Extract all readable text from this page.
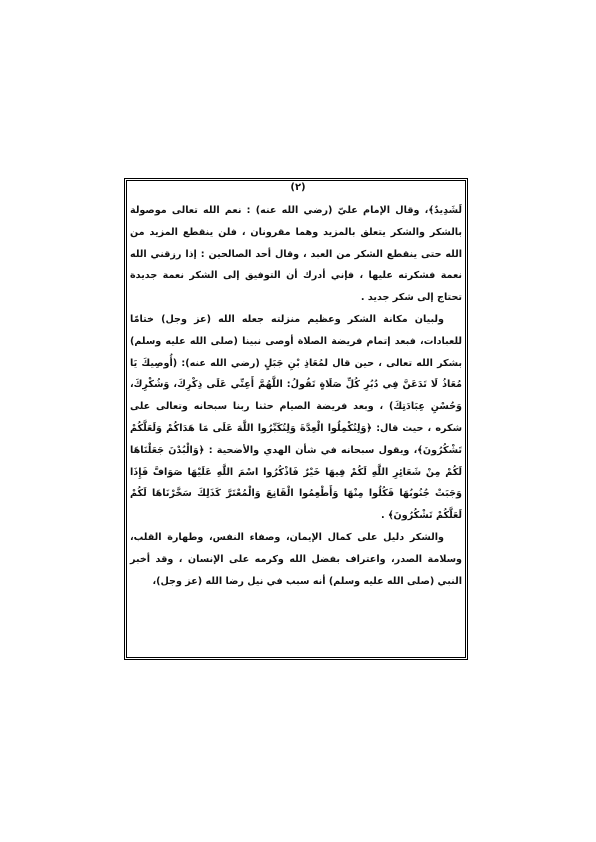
(٢)

لَشَدِيدٌ﴾، وقال الإمام عليّ (رضي الله عنه) : نعم الله تعالى موصولة بالشكر والشكر يتعلق بالمزيد وهما مقرونان ، فلن ينقطع المزيد من الله حتى ينقطع الشكر من العبد ، وقال أحد الصالحين : إذا رزقني الله نعمة فشكرته عليها ، فإني أدرك أن التوفيق إلى الشكر نعمة جديدة تحتاج إلى شكر جديد .

ولبيان مكانة الشكر وعظيم منزلته جعله الله (عز وجل) ختامًا للعبادات، فبعد إتمام فريضة الصلاة أوصى نبينا (صلى الله عليه وسلم) بشكر الله تعالى ، حين قال لمُعَاذِ بْنِ جَبَلٍ (رضي الله عنه): (أُوصِيكَ يَا مُعَاذُ لَا تَدَعَنَّ فِي دُبُرِ كُلِّ صَلَاةٍ تَقُولُ: اللَّهُمَّ أَعِنِّي عَلَى ذِكْرِكَ، وَشُكْرِكَ، وَحُسْنِ عِبَادَتِكَ) ، وبعد فريضة الصيام حثنا ربنا سبحانه وتعالى على شكره ، حيث قال: ﴿وَلِتُكْمِلُوا الْعِدَّةَ وَلِتُكَبِّرُوا اللَّهَ عَلَى مَا هَدَاكُمْ وَلَعَلَّكُمْ تَشْكُرُونَ﴾، ويقول سبحانه في شأن الهدي والأضحية : ﴿وَالْبُدْنَ جَعَلْنَاهَا لَكُمْ مِنْ شَعَائِرِ اللَّهِ لَكُمْ فِيهَا خَيْرٌ فَاذْكُرُوا اسْمَ اللَّهِ عَلَيْهَا صَوَافَّ فَإِذَا وَجَبَتْ جُنُوبُهَا فَكُلُوا مِنْهَا وَأَطْعِمُوا الْقَانِعَ وَالْمُعْتَرَّ كَذَلِكَ سَخَّرْنَاهَا لَكُمْ لَعَلَّكُمْ تَشْكُرُونَ﴾ .

والشكر دليل على كمال الإيمان، وصفاء النفس، وطهارة القلب، وسلامة الصدر، واعتراف بفضل الله وكرمه على الإنسان ، وقد أخبر النبي (صلى الله عليه وسلم) أنه سبب في نيل رضا الله (عز وجل)،
